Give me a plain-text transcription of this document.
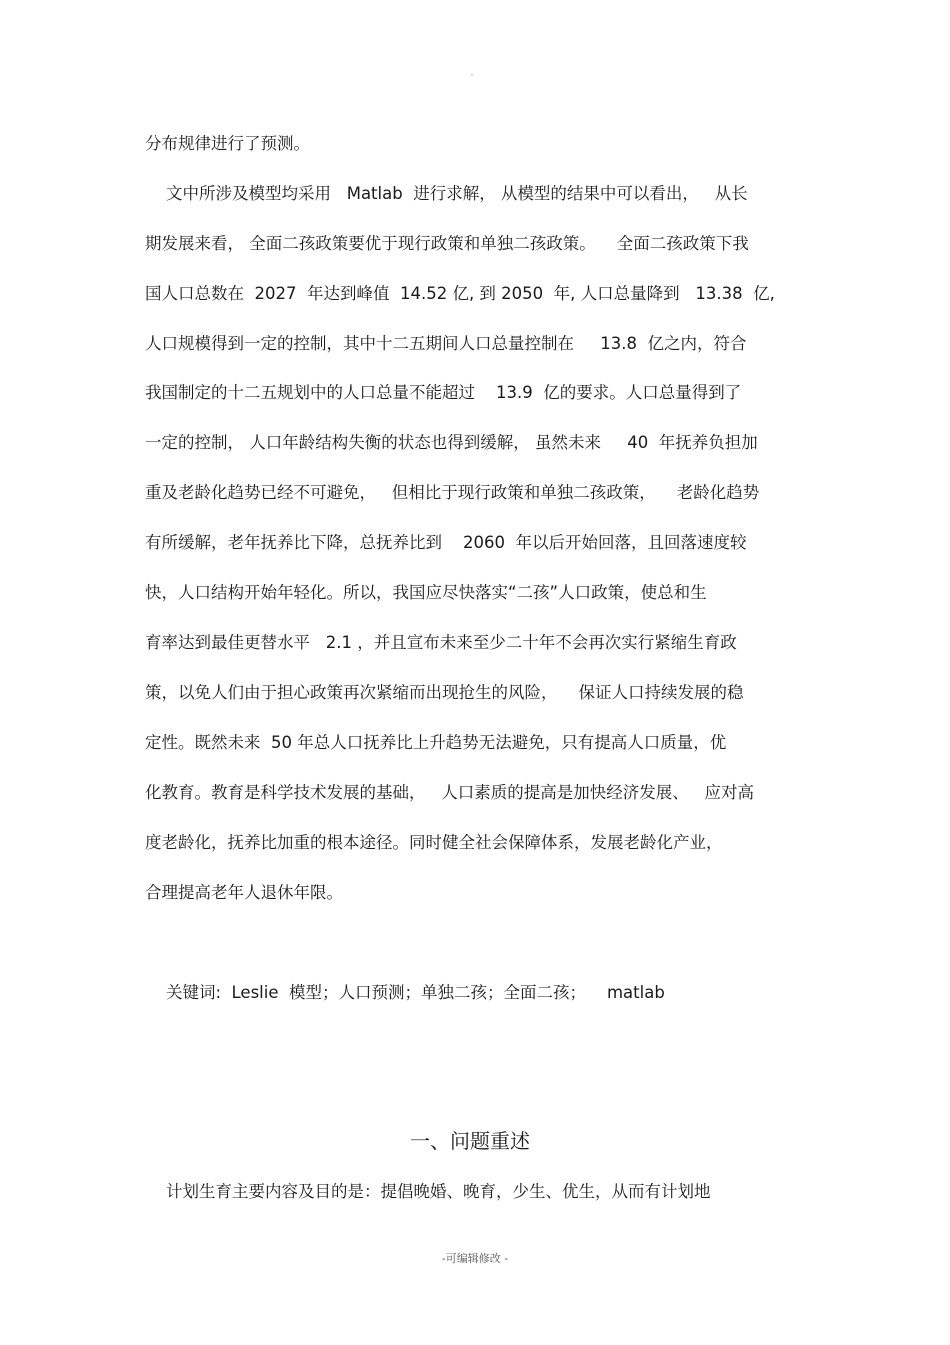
。

分布规律进行了预测。

文中所涉及模型均采用   Matlab  进行求解， 从模型的结果中可以看出，   从长

期发展来看， 全面二孩政策要优于现行政策和单独二孩政策。    全面二孩政策下我

国人口总数在  2027  年达到峰值  14.52 亿, 到 2050  年, 人口总量降到   13.38  亿,

人口规模得到一定的控制，其中十二五期间人口总量控制在     13.8  亿之内，符合

我国制定的十二五规划中的人口总量不能超过    13.9  亿的要求。人口总量得到了

一定的控制， 人口年龄结构失衡的状态也得到缓解， 虽然未来     40  年抚养负担加

重及老龄化趋势已经不可避免，   但相比于现行政策和单独二孩政策，    老龄化趋势

有所缓解，老年抚养比下降，总抚养比到    2060  年以后开始回落，且回落速度较

快，人口结构开始年轻化。所以，我国应尽快落实“二孩”人口政策，使总和生

育率达到最佳更替水平   2.1 ，并且宣布未来至少二十年不会再次实行紧缩生育政

策，以免人们由于担心政策再次紧缩而出现抢生的风险，    保证人口持续发展的稳

定性。既然未来  50 年总人口抚养比上升趋势无法避免，只有提高人口质量，优

化教育。教育是科学技术发展的基础，   人口素质的提高是加快经济发展、   应对高

度老龄化，抚养比加重的根本途径。同时健全社会保障体系，发展老龄化产业，

合理提高老年人退休年限。

关键词:  Leslie  模型；人口预测；单独二孩；全面二孩；    matlab

一、问题重述

计划生育主要内容及目的是：提倡晚婚、晚育，少生、优生，从而有计划地

-可编辑修改 -
